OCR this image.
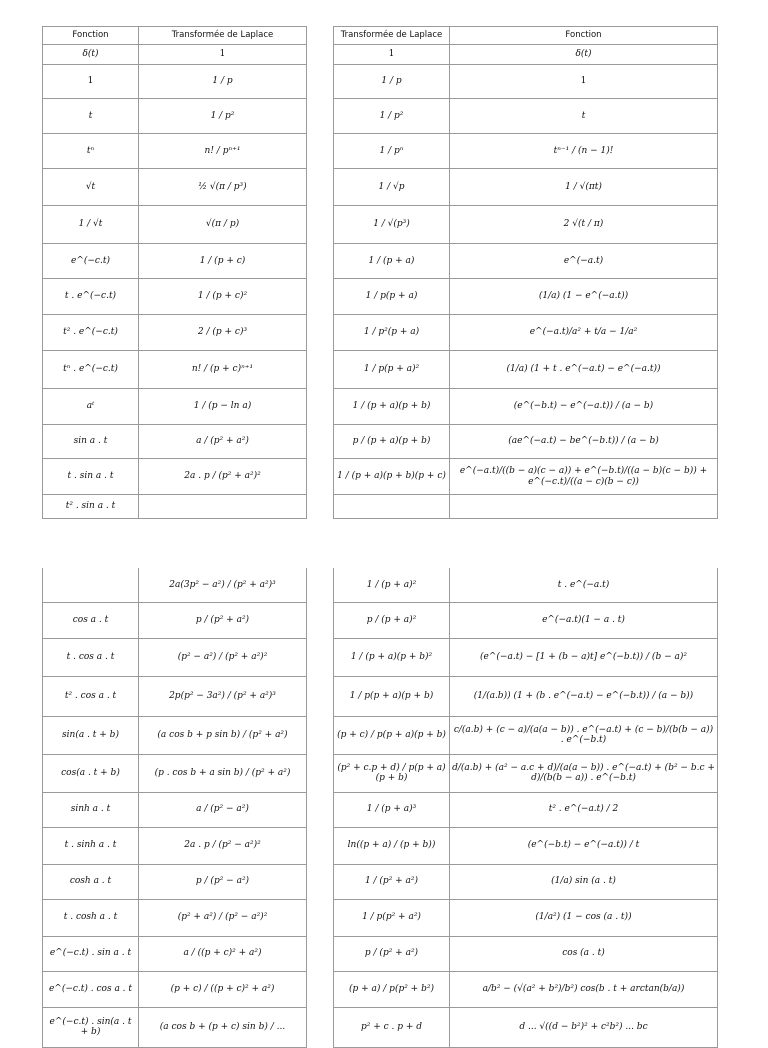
Fonction	Transformée de Laplace
δ(t)	1
1	1 / p
t	1 / p²
tⁿ	n! / pⁿ⁺¹
√t	½ √(π / p³)
1 / √t	√(π / p)
e^(−c.t)	1 / (p + c)
t . e^(−c.t)	1 / (p + c)²
t² . e^(−c.t)	2 / (p + c)³
tⁿ . e^(−c.t)	n! / (p + c)ⁿ⁺¹
aᵗ	1 / (p − ln a)
sin a . t	a / (p² + a²)
t . sin a . t	2a . p / (p² + a²)²
t² . sin a . t	
Transformée de Laplace	Fonction
1	δ(t)
1 / p	1
1 / p²	t
1 / pⁿ	tⁿ⁻¹ / (n − 1)!
1 / √p	1 / √(πt)
1 / √(p³)	2 √(t / π)
1 / (p + a)	e^(−a.t)
1 / p(p + a)	(1/a) (1 − e^(−a.t))
1 / p²(p + a)	e^(−a.t)/a² + t/a − 1/a²
1 / p(p + a)²	(1/a) (1 + t . e^(−a.t) − e^(−a.t))
1 / (p + a)(p + b)	(e^(−b.t) − e^(−a.t)) / (a − b)
p / (p + a)(p + b)	(ae^(−a.t) − be^(−b.t)) / (a − b)
1 / (p + a)(p + b)(p + c)	e^(−a.t)/((b − a)(c − a)) + e^(−b.t)/((a − b)(c − b)) + e^(−c.t)/((a − c)(b − c))

	2a(3p² − a²) / (p² + a²)³
cos a . t	p / (p² + a²)
t . cos a . t	(p² − a²) / (p² + a²)²
t² . cos a . t	2p(p² − 3a²) / (p² + a²)³
sin(a . t + b)	(a cos b + p sin b) / (p² + a²)
cos(a . t + b)	(p . cos b + a sin b) / (p² + a²)
sinh a . t	a / (p² − a²)
t . sinh a . t	2a . p / (p² − a²)²
cosh a . t	p / (p² − a²)
t . cosh a . t	(p² + a²) / (p² − a²)²
e^(−c.t) . sin a . t	a / ((p + c)² + a²)
e^(−c.t) . cos a . t	(p + c) / ((p + c)² + a²)
e^(−c.t) . sin(a . t + b)	(a cos b + (p + c) sin b) / ...
1 / (p + a)²	t . e^(−a.t)
p / (p + a)²	e^(−a.t)(1 − a . t)
1 / (p + a)(p + b)²	(e^(−a.t) − [1 + (b − a)t] e^(−b.t)) / (b − a)²
1 / p(p + a)(p + b)	(1/(a.b)) (1 + (b . e^(−a.t) − e^(−b.t)) / (a − b))
(p + c) / p(p + a)(p + b)	c/(a.b) + (c − a)/(a(a − b)) . e^(−a.t) + (c − b)/(b(b − a)) . e^(−b.t)
(p² + c.p + d) / p(p + a)(p + b)	d/(a.b) + (a² − a.c + d)/(a(a − b)) . e^(−a.t) + (b² − b.c + d)/(b(b − a)) . e^(−b.t)
1 / (p + a)³	t² . e^(−a.t) / 2
ln((p + a) / (p + b))	(e^(−b.t) − e^(−a.t)) / t
1 / (p² + a²)	(1/a) sin (a . t)
1 / p(p² + a²)	(1/a²) (1 − cos (a . t))
p / (p² + a²)	cos (a . t)
(p + a) / p(p² + b²)	a/b² − (√(a² + b²)/b²) cos(b . t + arctan(b/a))
p² + c . p + d	d ... √((d − b²)² + c²b²) ... bc
